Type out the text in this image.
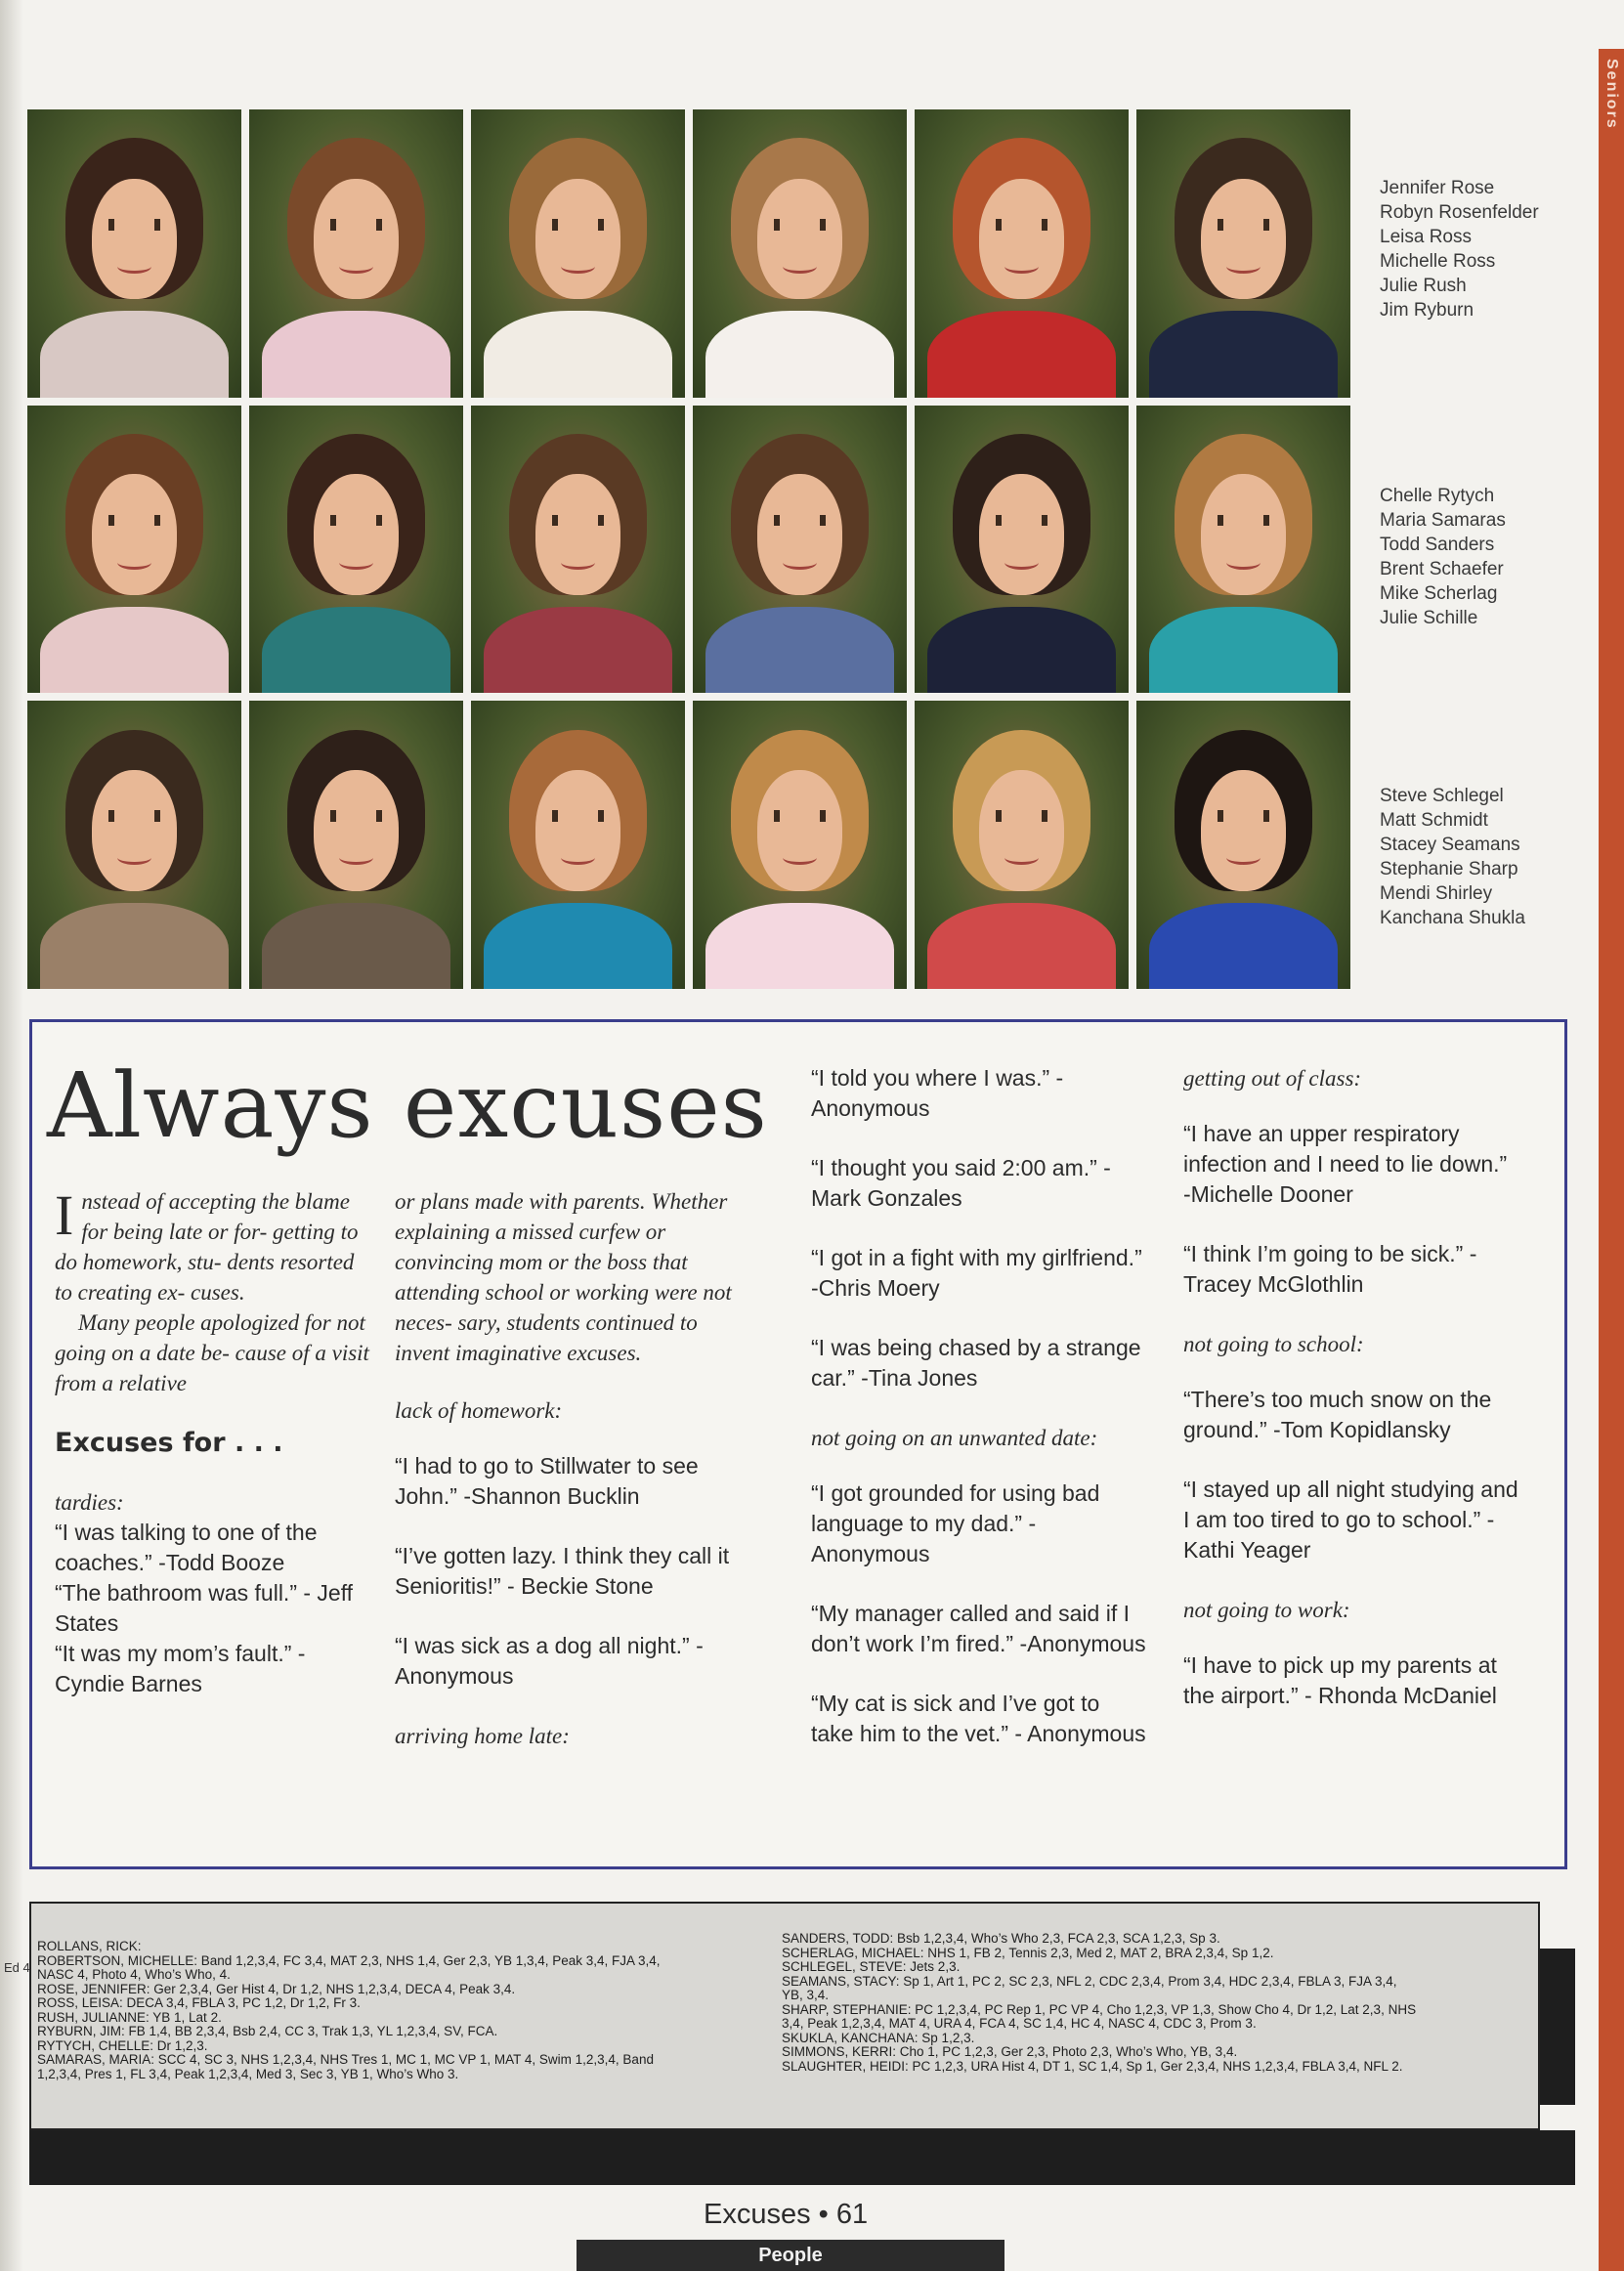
Seniors
Jennifer Rose
Robyn Rosenfelder
Leisa Ross
Michelle Ross
Julie Rush
Jim Ryburn
Chelle Rytych
Maria Samaras
Todd Sanders
Brent Schaefer
Mike Scherlag
Julie Schille
Steve Schlegel
Matt Schmidt
Stacey Seamans
Stephanie Sharp
Mendi Shirley
Kanchana Shukla
Always excuses

Instead of accepting the blame for being late or for- getting to do homework, stu- dents resorted to creating ex- cuses.

Many people apologized for not going on a date be- cause of a visit from a relative

Excuses for . . .

tardies:

“I was talking to one of the coaches.” -Todd Booze

“The bathroom was full.” - Jeff States

“It was my mom’s fault.” - Cyndie Barnes

or plans made with parents. Whether explaining a missed curfew or convincing mom or the boss that attending school or working were not neces- sary, students continued to invent imaginative excuses.

lack of homework:

“I had to go to Stillwater to see John.” -Shannon Bucklin

“I’ve gotten lazy. I think they call it Senioritis!” - Beckie Stone

“I was sick as a dog all night.” -Anonymous

arriving home late:

“I told you where I was.” - Anonymous

“I thought you said 2:00 am.” -Mark Gonzales

“I got in a fight with my girlfriend.” -Chris Moery

“I was being chased by a strange car.” -Tina Jones

not going on an unwanted date:

“I got grounded for using bad language to my dad.” - Anonymous

“My manager called and said if I don’t work I’m fired.” -Anonymous

“My cat is sick and I’ve got to take him to the vet.” - Anonymous

getting out of class:

“I have an upper respiratory infection and I need to lie down.” -Michelle Dooner

“I think I’m going to be sick.” -Tracey McGlothlin

not going to school:

“There’s too much snow on the ground.” -Tom Kopidlansky

“I stayed up all night studying and I am too tired to go to school.” -Kathi Yeager

not going to work:

“I have to pick up my parents at the airport.” - Rhonda McDaniel

Ed 4
ROLLANS, RICK:
ROBERTSON, MICHELLE: Band 1,2,3,4, FC 3,4, MAT 2,3, NHS 1,4, Ger 2,3, YB 1,3,4, Peak 3,4, FJA 3,4,
NASC 4, Photo 4, Who’s Who, 4.
ROSE, JENNIFER: Ger 2,3,4, Ger Hist 4, Dr 1,2, NHS 1,2,3,4, DECA 4, Peak 3,4.
ROSS, LEISA: DECA 3,4, FBLA 3, PC 1,2, Dr 1,2, Fr 3.
RUSH, JULIANNE: YB 1, Lat 2.
RYBURN, JIM: FB 1,4, BB 2,3,4, Bsb 2,4, CC 3, Trak 1,3, YL 1,2,3,4, SV, FCA.
RYTYCH, CHELLE: Dr 1,2,3.
SAMARAS, MARIA: SCC 4, SC 3, NHS 1,2,3,4, NHS Tres 1, MC 1, MC VP 1, MAT 4, Swim 1,2,3,4, Band
1,2,3,4, Pres 1, FL 3,4, Peak 1,2,3,4, Med 3, Sec 3, YB 1, Who’s Who 3.
SANDERS, TODD: Bsb 1,2,3,4, Who’s Who 2,3, FCA 2,3, SCA 1,2,3, Sp 3.
SCHERLAG, MICHAEL: NHS 1, FB 2, Tennis 2,3, Med 2, MAT 2, BRA 2,3,4, Sp 1,2.
SCHLEGEL, STEVE: Jets 2,3.
SEAMANS, STACY: Sp 1, Art 1, PC 2, SC 2,3, NFL 2, CDC 2,3,4, Prom 3,4, HDC 2,3,4, FBLA 3, FJA 3,4,
YB, 3,4.
SHARP, STEPHANIE: PC 1,2,3,4, PC Rep 1, PC VP 4, Cho 1,2,3, VP 1,3, Show Cho 4, Dr 1,2, Lat 2,3, NHS
3,4, Peak 1,2,3,4, MAT 4, URA 4, FCA 4, SC 1,4, HC 4, NASC 4, CDC 3, Prom 3.
SKUKLA, KANCHANA: Sp 1,2,3.
SIMMONS, KERRI: Cho 1, PC 1,2,3, Ger 2,3, Photo 2,3, Who’s Who, YB, 3,4.
SLAUGHTER, HEIDI: PC 1,2,3, URA Hist 4, DT 1, SC 1,4, Sp 1, Ger 2,3,4, NHS 1,2,3,4, FBLA 3,4, NFL 2.
Excuses • 61
People
